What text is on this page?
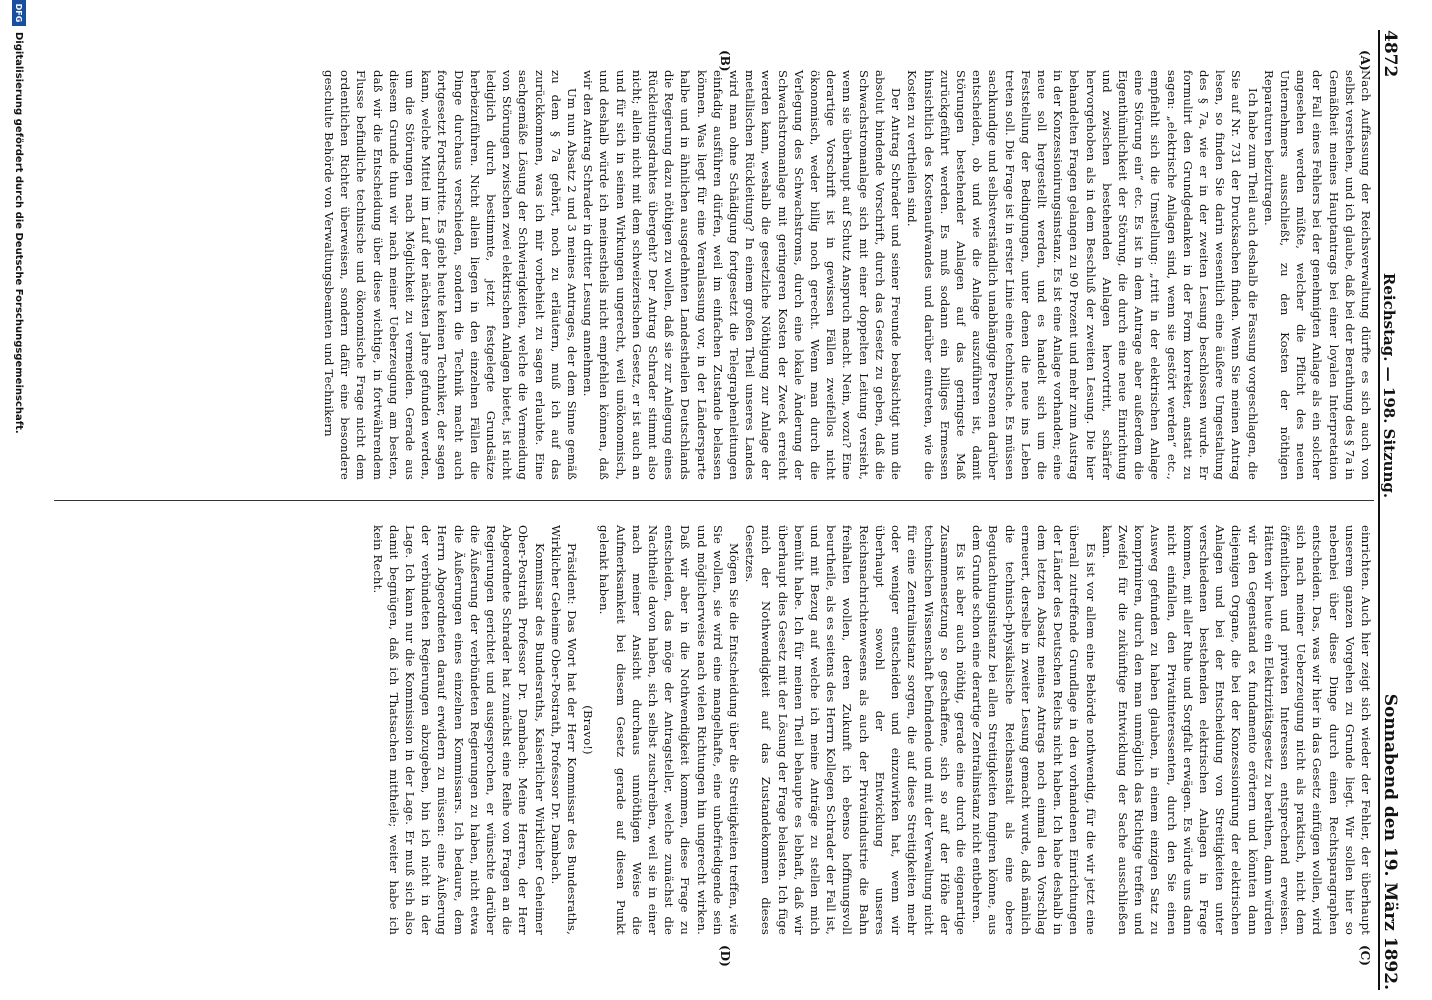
4872
Reichstag. — 198. Sitzung.
Sonnabend den 19. März 1892.
(A)
(B)
(C)
(D)

Nach Auffassung der Reichsverwaltung dürfte es sich auch von selbst verstehen, und ich glaube, daß bei der Berathung des § 7a in Gemäßheit meines Hauptantrags bei einer loyalen Interpretation der Fall eines Fehlers bei der genehmigten Anlage als ein solcher angesehen werden müßte, welcher die Pflicht des neuen Unternehmers ausschließt, zu den Kosten der nöthigen Reparaturen beizutragen.

Ich habe zum Theil auch deshalb die Fassung vorgeschlagen, die Sie auf Nr. 731 der Drucksachen finden. Wenn Sie meinen Antrag lesen, so finden Sie darin wesentlich eine äußere Umgestaltung des § 7a, wie er in der zweiten Lesung beschlossen wurde. Er formulirt den Grundgedanken in der Form korrekter, anstatt zu sagen: „elektrische Anlagen sind, wenn sie gestört werden“ etc., empfiehlt sich die Umstellung: „tritt in der elektrischen Anlage eine Störung ein“ etc. Es ist in dem Antrage aber außerdem die Eigenthümlichkeit der Störung, die durch eine neue Einrichtung und zwischen bestehenden Anlagen hervortritt, schärfer hervorgehoben als in dem Beschluß der zweiten Lesung. Die hier behandelten Fragen gelangen zu 90 Prozent und mehr zum Austrag in der Konzessionirungsinstanz. Es ist eine Anlage vorhanden; eine neue soll hergestellt werden, und es handelt sich um die Feststellung der Bedingungen, unter denen die neue ins Leben treten soll. Die Frage ist in erster Linie eine technische. Es müssen sachkundige und selbstverständlich unabhängige Personen darüber entscheiden, ob und wie die Anlage auszuführen ist, damit Störungen bestehender Anlagen auf das geringste Maß zurückgeführt werden. Es muß sodann ein billiges Ermessen hinsichtlich des Kostenaufwandes und darüber eintreten, wie die Kosten zu vertheilen sind.

Der Antrag Schrader und seiner Freunde beabsichtigt nun die absolut bindende Vorschrift, durch das Gesetz zu geben, daß die Schwachstromanlage sich mit einer doppelten Leitung versieht, wenn sie überhaupt auf Schutz Anspruch macht. Nein, wozu? Eine derartige Vorschrift ist in gewissen Fällen zweifellos nicht ökonomisch, weder billig noch gerecht. Wenn man durch die Verlegung des Schwachstroms, durch eine lokale Änderung der Schwachstromanlage mit geringeren Kosten der Zweck erreicht werden kann, weshalb die gesetzliche Nöthigung zur Anlage der metallischen Rückleitung? In einem großen Theil unseres Landes wird man ohne Schädigung fortgesetzt die Telegraphenleitungen einfadig ausführen dürfen, weil im einfachen Zustande belassen können. Was liegt für eine Veranlassung vor, in der Ländersparte halbe und in ähnlichen ausgedehnten Landestheilen Deutschlands die Regierung dazu nöthigen zu wollen, daß sie zur Anlegung eines Rückleitungsdrahtes übergeht? Der Antrag Schrader stimmt also nicht; allein nicht mit dem schweizerischen Gesetz, er ist auch an und für sich in seinen Wirkungen ungerecht, weil unökonomisch, und deshalb würde ich meinestheils nicht empfehlen können, daß wir den Antrag Schrader in dritter Lesung annehmen.

Um nun Absatz 2 und 3 meines Antrages, der dem Sinne gemäß zu dem § 7a gehört, noch zu erläutern, muß ich auf das zurückkommen, was ich mir vorbehielt zu sagen erlaubte. Eine sachgemäße Lösung der Schwierigkeiten, welche die Vermeidung von Störungen zwischen zwei elektrischen Anlagen bietet, ist nicht lediglich durch bestimmte, jetzt festgelegte Grundsätze herbeizuführen. Nicht allein liegen in den einzelnen Fällen die Dinge durchaus verschieden, sondern die Technik macht auch fortgesetzt Fortschritte. Es giebt heute keinen Techniker, der sagen kann, welche Mittel im Lauf der nächsten Jahre gefunden werden, um die Störungen nach Möglichkeit zu vermeiden. Gerade aus diesem Grunde thun wir nach meiner Ueberzeugung am besten, daß wir die Entscheidung über diese wichtige, in fortwährendem Flusse befindliche technische und ökonomische Frage nicht dem ordentlichen Richter überweisen, sondern dafür eine besondere geschulte Behörde von Verwaltungsbeamten und Technikern

einrichten. Auch hier zeigt sich wieder der Fehler, der überhaupt unserem ganzen Vorgehen zu Grunde liegt. Wir sollen hier so nebenbei über diese Dinge durch einen Rechtsparagraphen entscheiden. Das, was wir hier in das Gesetz einfügen wollen, wird sich nach meiner Ueberzeugung nicht als praktisch, nicht dem öffentlichen und privaten Interessen entsprechend erweisen. Hätten wir heute ein Elektrizitätsgesetz zu berathen, dann würden wir den Gegenstand ex fundamento erörtern und könnten dann diejenigen Organe, die bei der Konzessionirung der elektrischen Anlagen und bei der Entscheidung von Streitigkeiten unter verschiedenen bestehenden elektrischen Anlagen in Frage kommen, mit aller Ruhe und Sorgfalt erwägen. Es würde uns dann nicht einfallen, den Privatinteressenten, durch den Sie einen Ausweg gefunden zu haben glauben, in einem einzigen Satz zu komprimiren, durch den man unmöglich das Richtige treffen und Zweifel für die zukünftige Entwicklung der Sache ausschließen kann.

Es ist vor allem eine Behörde nothwendig, für die wir jetzt eine überall zutreffende Grundlage in den vorhandenen Einrichtungen der Länder des Deutschen Reichs nicht haben. Ich habe deshalb in dem letzten Absatz meines Antrags noch einmal den Vorschlag erneuert, derselbe in zweiter Lesung gemacht wurde, daß nämlich die technisch-physikalische Reichsanstalt als eine obere Begutachtungsinstanz bei allen Streitigkeiten fungiren könne, aus dem Grunde schon eine derartige Zentralinstanz nicht entbehren.

Es ist aber auch nöthig, gerade eine durch die eigenartige Zusammensetzung so geschaffene, sich so auf der Höhe der technischen Wissenschaft befindende und mit der Verwaltung nicht für eine Zentralinstanz sorgen, die auf diese Streitigkeiten mehr oder weniger entscheiden und einzuwirken hat, wenn wir überhaupt sowohl der Entwicklung unseres Reichsnachrichtenwesens als auch der Privatindustrie die Bahn freihalten wollen, deren Zukunft ich ebenso hoffnungsvoll beurtheile, als es seitens des Herrn Kollegen Schrader der Fall ist, und mit Bezug auf welche ich meine Anträge zu stellen mich bemüht habe. Ich für meinen Theil behaupte es lebhaft, daß wir überhaupt dies Gesetz mit der Lösung der Frage belasten. Ich füge mich der Nothwendigkeit auf das Zustandekommen dieses Gesetzes.

Mögen Sie die Entscheidung über die Streitigkeiten treffen, wie Sie wollen, sie wird eine mangelhafte, eine unbefriedigende sein und möglicherweise nach vielen Richtungen hin ungerecht wirken. Daß wir aber in die Nothwendigkeit kommen, diese Frage zu entscheiden, das möge der Antragsteller, welche zunächst die Nachtheile davon haben, sich selbst zuschreiben, weil sie in einer nach meiner Ansicht durchaus unnöthigen Weise die Aufmerksamkeit bei diesem Gesetz gerade auf diesen Punkt gelenkt haben.

(Bravo!)

Präsident: Das Wort hat der Herr Kommissar des Bundesraths, Wirklicher Geheime Ober-Postrath, Professor Dr. Dambach.

Kommissar des Bundesraths, Kaiserlicher Wirklicher Geheimer Ober-Postrath Professor Dr. Dambach: Meine Herren, der Herr Abgeordnete Schrader hat zunächst eine Reihe von Fragen an die Regierungen gerichtet und ausgesprochen, er wünschte darüber die Äußerung der verbündeten Regierungen zu haben, nicht etwa die Äußerungen eines einzelnen Kommissars. Ich bedaure, dem Herrn Abgeordneten darauf erwidern zu müssen: eine Äußerung der verbündeten Regierungen abzugeben, bin ich nicht in der Lage. Ich kann nur die Kommission in der Lage. Er muß sich also damit begnügen, daß ich Thatsachen mittheile; weiter habe ich kein Recht.

DFG
Digitalisierung gefördert durch die Deutsche Forschungsgemeinschaft.
